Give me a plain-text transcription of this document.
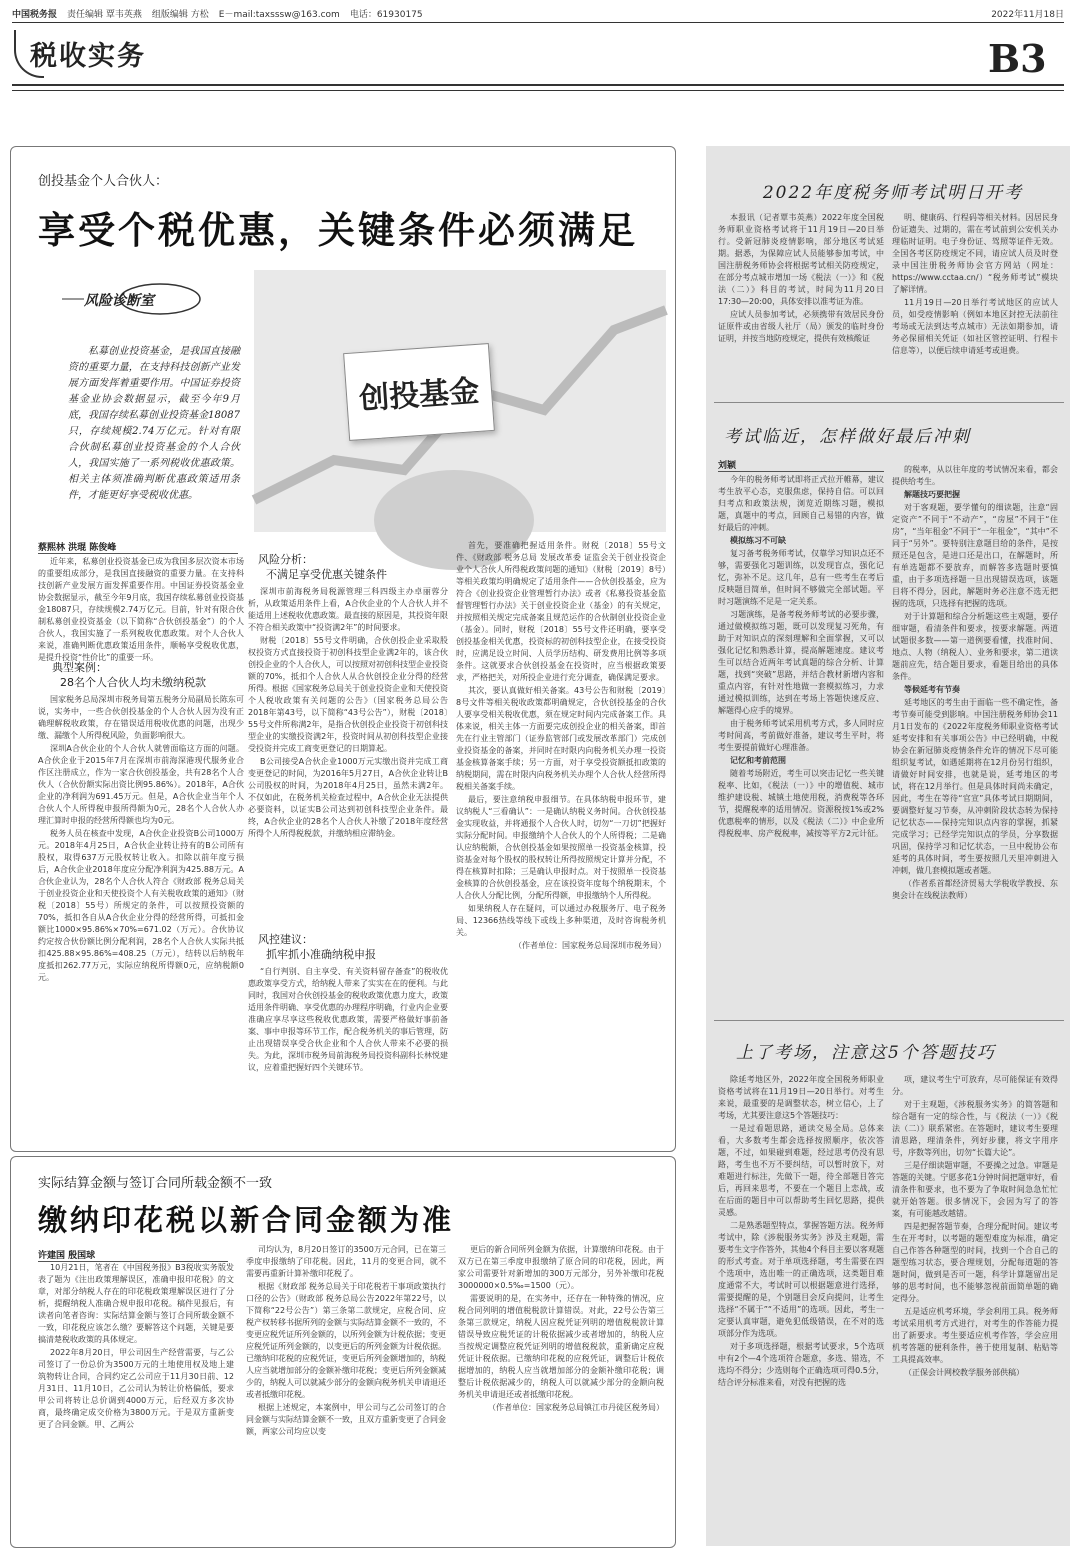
中国税务报 责任编辑 覃韦英燕 组版编辑 方松 E－mail:taxsssw@163.com 电话：61930175	2022年11月18日
税收实务	B3
创投基金个人合伙人：
享受个税优惠，关键条件必须满足
风险诊断室
私募创业投资基金，是我国直接融资的重要力量，在支持科技创新产业发展方面发挥着重要作用。中国证券投资基金业协会数据显示，截至今年9月底，我国存续私募创业投资基金18087只，存续规模2.74万亿元。针对有限合伙制私募创业投资基金的个人合伙人，我国实施了一系列税收优惠政策。相关主体须准确判断优惠政策适用条件，才能更好享受税收优惠。
创投基金
蔡熙林 洪琨 陈俊峰

近年来，私募创业投资基金已成为我国多层次资本市场的重要组成部分，是我国直接融资的重要力量。在支持科技创新产业发展方面发挥重要作用。中国证券投资基金业协会数据显示，截至今年9月底，我国存续私募创业投资基金18087只，存续规模2.74万亿元。目前，针对有限合伙制私募创业投资基金（以下简称“合伙创投基金”）的个人合伙人，我国实施了一系列税收优惠政策。对个人合伙人来说，准确判断优惠政策适用条件，顺畅享受税收优惠，是提升投资“性价比”的重要一环。

典型案例：
28名个人合伙人均未缴纳税款

国家税务总局深圳市税务局第五税务分局副局长陈东可说，实务中，一些合伙创投基金的个人合伙人因为没有正确理解税收政策，存在错误适用税收优惠的问题，出现少缴、漏缴个人所得税风险，负面影响很大。

深圳A合伙企业的个人合伙人就曾面临这方面的问题。A合伙企业于2015年7月在深圳市前海深港现代服务业合作区注册成立，作为一家合伙创投基金，共有28名个人合伙人（合伙份额实际出资比例95.86%）。2018年，A合伙企业的净利润为691.45万元。但是，A合伙企业当年个人合伙人个人所得税申报所得额为0元，28名个人合伙人办理汇算时申报的经营所得额也均为0元。

税务人员在核查中发现，A合伙企业投资B公司1000万元。2018年4月25日，A合伙企业转让持有的B公司所有股权，取得637万元股权转让收入。扣除以前年度亏损后，A合伙企业2018年度应分配净利润为425.88万元。A合伙企业认为，28名个人合伙人符合《财政部 税务总局关于创业投资企业和天使投资个人有关税收政策的通知》（财税〔2018〕55号）所规定的条件，可以按照投资额的70%，抵扣各自从A合伙企业分得的经营所得，可抵扣金额比1000×95.86%×70%=671.02（万元）。合伙协议约定按合伙份额比例分配利润，28名个人合伙人实际共抵扣425.88×95.86%=408.25（万元），结转以后纳税年度抵扣262.77万元，实际应纳税所得额0元，应纳税额0元。

风险分析：
不满足享受优惠关键条件

深圳市前海税务局税源管理三科四级主办卓丽蓉分析，从政策适用条件上看，A合伙企业的个人合伙人并不能适用上述税收优惠政策。最直接的原因是，其投资年限不符合相关政策中“投资满2年”的时间要求。

财税〔2018〕55号文件明确，合伙创投企业采取股权投资方式直接投资于初创科技型企业满2年的，该合伙创投企业的个人合伙人，可以按照对初创科技型企业投资额的70%，抵扣个人合伙人从合伙创投企业分得的经营所得。根据《国家税务总局关于创业投资企业和天使投资个人税收政策有关问题的公告》（国家税务总局公告2018年第43号，以下简称“43号公告”），财税〔2018〕55号文件所称满2年，是指合伙创投企业投资于初创科技型企业的实缴投资满2年，投资时间从初创科技型企业接受投资并完成工商变更登记的日期算起。

B公司接受A合伙企业1000万元实缴出资并完成工商变更登记的时间，为2016年5月27日，A合伙企业转让B公司股权的时间，为2018年4月25日，虽然未满2年。不仅如此，在税务机关检查过程中，A合伙企业无法提供必要资料，以证实B公司达到初创科技型企业条件。最终，A合伙企业的28名个人合伙人补缴了2018年度经营所得个人所得税税款，并缴纳相应滞纳金。

风控建议：
抓牢抓小准确纳税申报

“自行判别、自主享受、有关资料留存备查”的税收优惠政策享受方式，给纳税人带来了实实在在的便利。与此同时，我国对合伙创投基金的税收政策优惠力度大，政策适用条件明确、享受优惠的办理程序明确，行业内企业要准确应享尽享这些税收优惠政策，需要严格做好事前备案、事中申报等环节工作，配合税务机关的事后管理，防止出现错误享受合伙企业和个人合伙人带来不必要的损失。为此，深圳市税务局前海税务局投资科副科长林悦建议，应着重把握好四个关键环节。

首先，要准确把握适用条件。财税〔2018〕55号文件、《财政部 税务总局 发展改革委 证监会关于创业投资企业个人合伙人所得税政策问题的通知》（财税〔2019〕8号）等相关政策均明确规定了适用条件——合伙创投基金，应为符合《创业投资企业管理暂行办法》或者《私募投资基金监督管理暂行办法》关于创业投资企业（基金）的有关规定，并按照相关规定完成备案且规范运作的合伙制创业投资企业（基金）。同时，财税〔2018〕55号文件还明确，要享受创投基金相关优惠，投资标的初创科技型企业，在接受投资时，应满足设立时间、人员学历结构、研发费用比例等多项条件。这就要求合伙创投基金在投资时，应当根据政策要求，严格把关，对所投企业进行充分调查，确保满足要求。

其次，要认真做好相关备案。43号公告和财税〔2019〕8号文件等相关税收政策都明确规定，合伙创投基金的合伙人要享受相关税收优惠，须在规定时间内完成备案工作。具体来说，相关主体一方面要完成创投企业的相关备案，即首先在行业主管部门（证券监管部门或发展改革部门）完成创业投资基金的备案，并同时在时限内向税务机关办理一投资基金核算备案手续；另一方面，对于享受投资额抵扣政策的纳税期间，需在时限内向税务机关办理个人合伙人经营所得税相关备案手续。

最后，要注意纳税申报细节。在具体纳税申报环节，建议纳税人“三看确认”：一是确认纳税义务时间。合伙创投基金实现收益，并将通报个人合伙人时，切勿“一刀切”把握好实际分配时间。申报缴纳个人合伙人的个人所得税；二是确认应纳税额，合伙创投基金如果按照单一投资基金核算，投资基金对每个股权的股权转让所得按照规定计算并分配，不得在核算时扣除；三是确认申报时点。对于按照单一投资基金核算的合伙创投基金，应在该投资年度每个纳税期末，个人合伙人分配比例，分配所得额，申报缴纳个人所得税。

如果纳税人存在疑问，可以通过办税服务厅、电子税务局、12366热线等线下或线上多种渠道，及时咨询税务机关。

（作者单位：国家税务总局深圳市税务局）

实际结算金额与签订合同所载金额不一致
缴纳印花税以新合同金额为准
许建国 殷国球

10月21日，笔者在《中国税务报》B3税收实务版发表了题为《注出政策理解误区，准确申报印花税》的文章，对部分纳税人存在的印花税政策理解误区进行了分析，提醒纳税人准确合规申报印花税。稿件见报后，有读者向笔者咨询：实际结算金额与签订合同所载金额不一致，印花税应该怎么缴？要解答这个问题，关键是要搞清楚税收政策的具体规定。

2022年8月20日，甲公司因生产经营需要，与乙公司签订了一份总价为3500万元的土地使用权及地上建筑物转让合同，合同约定乙公司应于11月30日前、12月31日、11月10日，乙公司认为转让价格偏低，要求甲公司将转让总价调到4000万元，后经双方多次协商，最终确定成交价格为3800万元。于是双方重新变更了合同金额。甲、乙两公

司均认为，8月20日签订的3500万元合同，已在第三季度申报缴纳了印花税。因此，11月的变更合同，就不需要再重新计算补缴印花税了。

根据《财政部 税务总局关于印花税若干事项政策执行口径的公告》（财政部 税务总局公告2022年第22号，以下简称“22号公告”）第三条第二款规定，应税合同、应税产权转移书据所列的金额与实际结算金额不一致的，不变更应税凭证所列金额的，以所列金额为计税依据；变更应税凭证所列金额的，以变更后的所列金额为计税依据。已缴纳印花税的应税凭证，变更后所列金额增加的，纳税人应当就增加部分的金额补缴印花税；变更后所列金额减少的，纳税人可以就减少部分的金额向税务机关申请退还或者抵缴印花税。

根据上述规定，本案例中，甲公司与乙公司签订的合同金额与实际结算金额不一致，且双方重新变更了合同金额，两家公司均应以变

更后的新合同所列金额为依据，计算缴纳印花税。由于双方已在第三季度申报缴纳了原合同的印花税，因此，两家公司需要针对新增加的300万元部分，另外补缴印花税3000000×0.5‰=1500（元）。

需要说明的是，在实务中，还存在一种特殊的情况，应税合同列明的增值税税款计算错误。对此，22号公告第三条第三款规定，纳税人因应税凭证列明的增值税税款计算错误导致应税凭证的计税依据减少或者增加的，纳税人应当按规定调整应税凭证列明的增值税税款，重新确定应税凭证计税依据。已缴纳印花税的应税凭证，调整后计税依据增加的，纳税人应当就增加部分的金额补缴印花税；调整后计税依据减少的，纳税人可以就减少部分的金额向税务机关申请退还或者抵缴印花税。

（作者单位：国家税务总局镇江市丹徒区税务局）

2022年度税务师考试明日开考

本报讯（记者覃韦英燕）2022年度全国税务师职业资格考试将于11月19日—20日举行。受新冠肺炎疫情影响，部分地区考试延期。据悉，为保障应试人员能够参加考试，中国注册税务师协会将根据考试相关防疫规定，在部分考点城市增加一场《税法（一）》和《税法（二）》科目的考试，时间为11月20日17:30—20:00，具体安排以准考证为准。

应试人员参加考试，必须携带有效居民身份证原件或由省级人社厅（局）颁发的临时身份证明，并按当地防疫规定，提供有效核酸证

明、健康码、行程码等相关材料。因居民身份证遗失、过期的，需在考试前到公安机关办理临时证明。电子身份证、驾照等证件无效。全国各考区防疫规定不同，请应试人员及时登录中国注册税务师协会官方网站（网址：https://www.cctaa.cn/）“税务师考试”模块了解详情。

11月19日—20日举行考试地区的应试人员，如受疫情影响（例如本地区封控无法前往考场或无法到达考点城市）无法如期参加，请务必保留相关凭证（如社区管控证明、行程卡信息等），以便后续申请延考或退费。

考试临近，怎样做好最后冲刺
刘颖

今年的税务师考试即将正式拉开帷幕，建议考生放平心态，克服焦虑，保持自信。可以回归考点和政策法规，浏览近期练习题，模拟题，真题中的考点，回顾自己易错的内容，做好最后的冲刺。

模拟练习不可缺

复习备考税务师考试，仅靠学习知识点还不够，需要强化习题训练，以发现盲点，强化记忆，弥补不足。这几年，总有一些考生在考后反映题目简单，但时间不够做完全部试题。平时习题演练不足是一定关系。

习题演练，是备考税务师考试的必要步骤，通过做模拟练习题，既可以发现复习死角，有助于对知识点的深刻理解和全面掌握，又可以强化记忆和熟悉计算，提高解题速度。建议考生可以结合近两年考试真题的综合分析、计算题，找到“突破”思路，并结合教材新增内容和重点内容，有针对性地做一套模拟练习，力求通过模拟训练，达到在考场上答题快速反应、解题得心应手的境界。

由于税务师考试采用机考方式，多人同时应考时间高，考前做好准备，建议考生平时，将考生要提前做好心理准备。

记忆和考前范围

随着考场附近，考生可以突击记忆一些关键税率、比如，《税法（一）》中的增值税、城市维护建设税、城镇土地使用税，消费税等各环节，提醒税率的适用情况。资源税按1%或2%优惠税率的情形，以及《税法（二）》中企业所得税税率、房产税税率，减按等平方2元计征。

的税率，从以往年度的考试情况来看，都会提供给考生。

解题技巧要把握

对于客观题，要学懂句的细读题，注意“固定资产”不同于“不动产”，“房屋”不同于“住房”，“当年租金”不同于“一年租金”，“其中”不同于“另外”。要特别注意题目给的条件，是按照还是包含，是进口还是出口，在解题时，所有单选题都不要放弃，而解答多选题时要慎重，由于多项选择题一旦出现错误选项，该题目将不得分，因此，解题时务必注意不选无把握的选项，只选择有把握的选项。

对于计算题和综合分析题这些主观题，要仔细审题，看清条件和要求，按要求解题。两道试题很多数——第一道例要看懂，找准时间、地点、人物（纳税人）、业务和要求，第二道读题前应先，结合题目要求，看题目给出的具体条件。

等候延考有节奏

延考地区的考生由于面临一些不确定性，备考节奏可能受到影响。中国注册税务师协会11月1日发布的《2022年度税务师职业资格考试延考安排和有关事项公告》中已经明确，中税协会在新冠肺炎疫情条件允许的情况下尽可能组织复考试，如遇延期将在12月份另行组织，请做好时间安排，也就是说，延考地区的考试，将在12月举行。但是具体时间尚未确定，因此，考生在等待“官宣”具体考试日期期间，要调整好复习节奏，从冲刺阶段状态转为保持记忆状态——保持完知识点内容的掌握，抓紧完成学习；已经学完知识点的学员，分享数据巩固，保持学习和记忆状态，一旦中税协公布延考的具体时间，考生要按照几天里冲刺进入冲刺，做几套模拟题或者题。

（作者系首都经济贸易大学税收学教授、东奥会计在线税法教师）

上了考场，注意这5个答题技巧

除延考地区外，2022年度全国税务师职业资格考试将在11月19日—20日举行。对考生来说，最重要的是调整状态，树立信心，上了考场，尤其要注意这5个答题技巧：

一是过看题思路，通读交易全局。总体来看，大多数考生都会选择按照顺序，依次答题，不过，如果碰到难题，经过思考仍没有思路，考生也不万不要纠结，可以暂时放下，对难题进行标注，先做下一题，待全部题目答完后，再回来思考，不要在一个题目上恋战，或在后面的题目中可以帮助考生回忆思路，提供灵感。

二是熟悉题型特点，掌握答题方法。税务师考试中，除《涉税服务实务》涉及主观题，需要考生文字作答外，其他4个科目主要以客观题的形式考查。对于单项选择题，考生需要在四个选项中，选出唯一的正确选项，这类题目难度通常不大，考试时可以根据题意进行选择，需要提醒的是，个别题目会反向提问，让考生选择“不属于”“不适用”的选项。因此，考生一定要认真审题，避免犯低级错误，在不对的选项部分作为选项。

对于多项选择题，根据考试要求，5个选项中有2个—4个选项符合题意，多选、错选，不选均不得分；少选则每个正确选项可得0.5分，结合评分标准来看，对没有把握的选

项，建议考生宁可放弃，尽可能保证有效得分。

对于主观题，《涉税服务实务》的简答题和综合题有一定的综合性，与《税法（一）》《税法（二）》联系紧密。在答题时，建议考生要理清思路，理清条件，列好步骤，将文字用序号，序数等列出，切勿“长篇大论”。

三是仔细读题审题，不要操之过急。审题是答题的关键。宁愿多花1分钟时间把题审好，看清条件和要求，也不要为了争取时间急急忙忙就开始答题。很多情况下，会因为写了的答案，有可能越改越错。

四是把握答题节奏，合理分配时间。建议考生在开考时，以考题的题型难度为标准，确定自己作答各种题型的时间，找到一个合自己的题型练习状态，要合理规划，分配每道题的答题时间，做到是否可一题，科学计算题留出足够的思考时间，也不能够忽视前面简单题的确定得分。

五是适应机考环境，学会利用工具。税务师考试采用机考方式进行，对考生的作答能力提出了新要求。考生要适应机考作答，学会应用机考答题的便利条件，善于使用复制、粘贴等工具提高效率。

（正保会计网校教学服务部供稿）
